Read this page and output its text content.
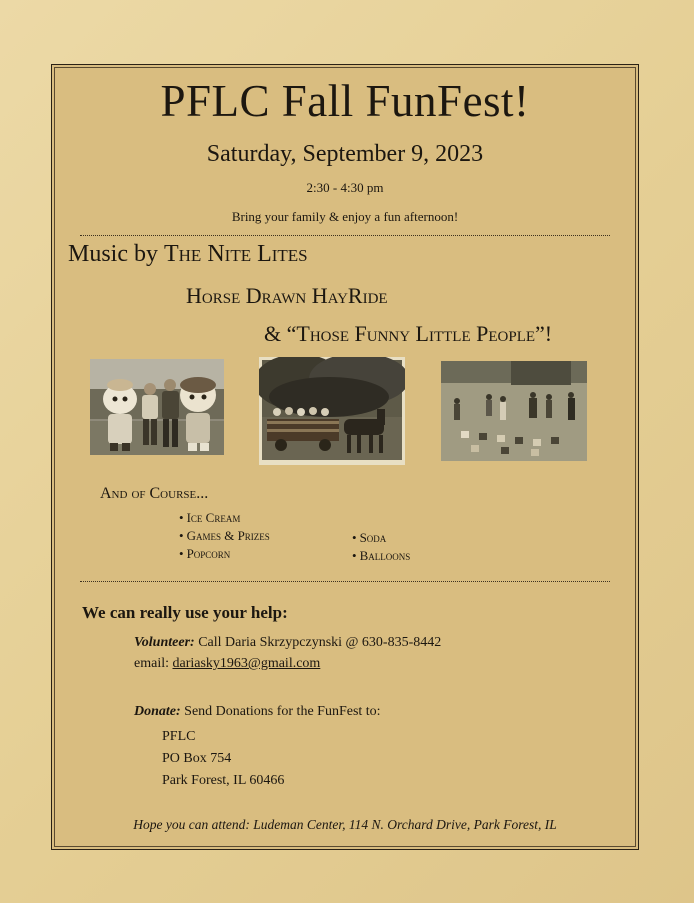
PFLC Fall FunFest!
Saturday, September 9, 2023
2:30 - 4:30 pm
Bring your family & enjoy a fun afternoon!
Music by The Nite Lites
Horse Drawn HayRide
& “Those Funny Little People”!
And of Course...
• Ice Cream
• Games & Prizes
• Popcorn
• Soda
• Balloons
We can really use your help:
Volunteer: Call Daria Skrzypczynski @ 630-835-8442
email: dariasky1963@gmail.com
Donate: Send Donations for the FunFest to:
PFLC
PO Box 754
Park Forest, IL 60466
Hope you can attend: Ludeman Center, 114 N. Orchard Drive, Park Forest, IL
